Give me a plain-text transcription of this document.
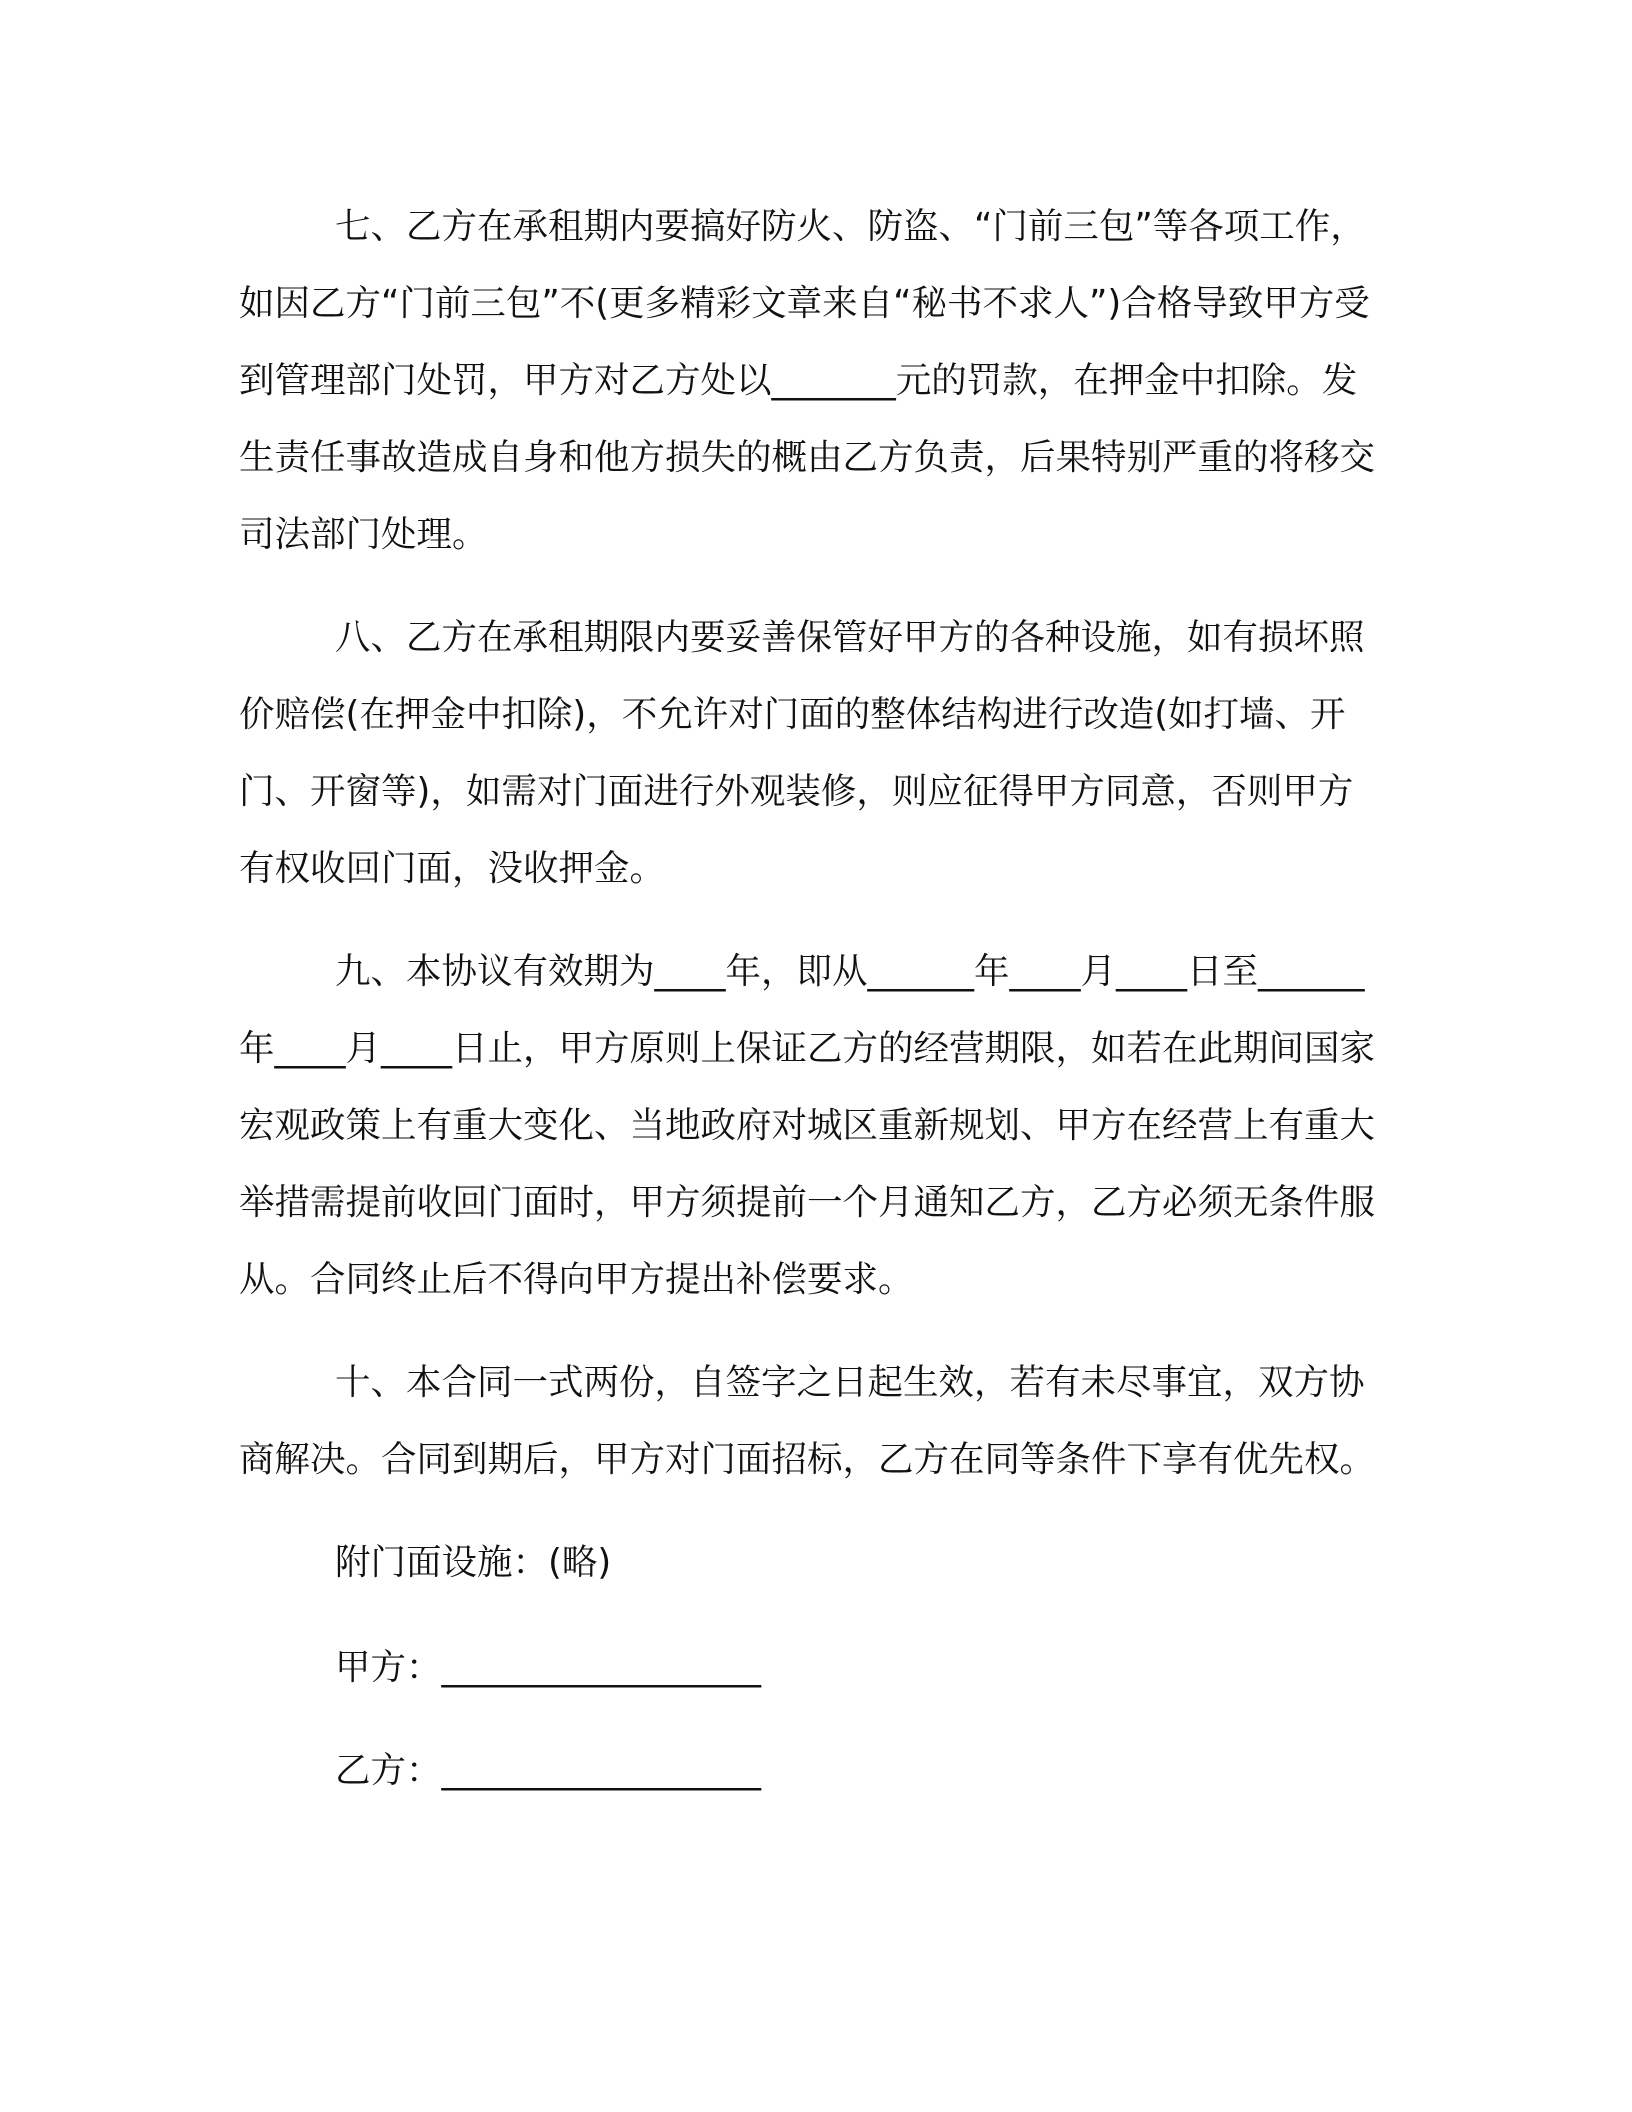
七、乙方在承租期内要搞好防火、防盗、“门前三包”等各项工作，如因乙方“门前三包”不(更多精彩文章来自“秘书不求人”)合格导致甲方受到管理部门处罚，甲方对乙方处以_______元的罚款，在押金中扣除。发生责任事故造成自身和他方损失的概由乙方负责，后果特别严重的将移交司法部门处理。

八、乙方在承租期限内要妥善保管好甲方的各种设施，如有损坏照价赔偿(在押金中扣除)，不允许对门面的整体结构进行改造(如打墙、开门、开窗等)，如需对门面进行外观装修，则应征得甲方同意，否则甲方有权收回门面，没收押金。

九、本协议有效期为____年，即从______年____月____日至______年____月____日止，甲方原则上保证乙方的经营期限，如若在此期间国家宏观政策上有重大变化、当地政府对城区重新规划、甲方在经营上有重大举措需提前收回门面时，甲方须提前一个月通知乙方，乙方必须无条件服从。合同终止后不得向甲方提出补偿要求。

十、本合同一式两份，自签字之日起生效，若有未尽事宜，双方协商解决。合同到期后，甲方对门面招标，乙方在同等条件下享有优先权。

附门面设施：(略)

甲方：__________________

乙方：__________________
